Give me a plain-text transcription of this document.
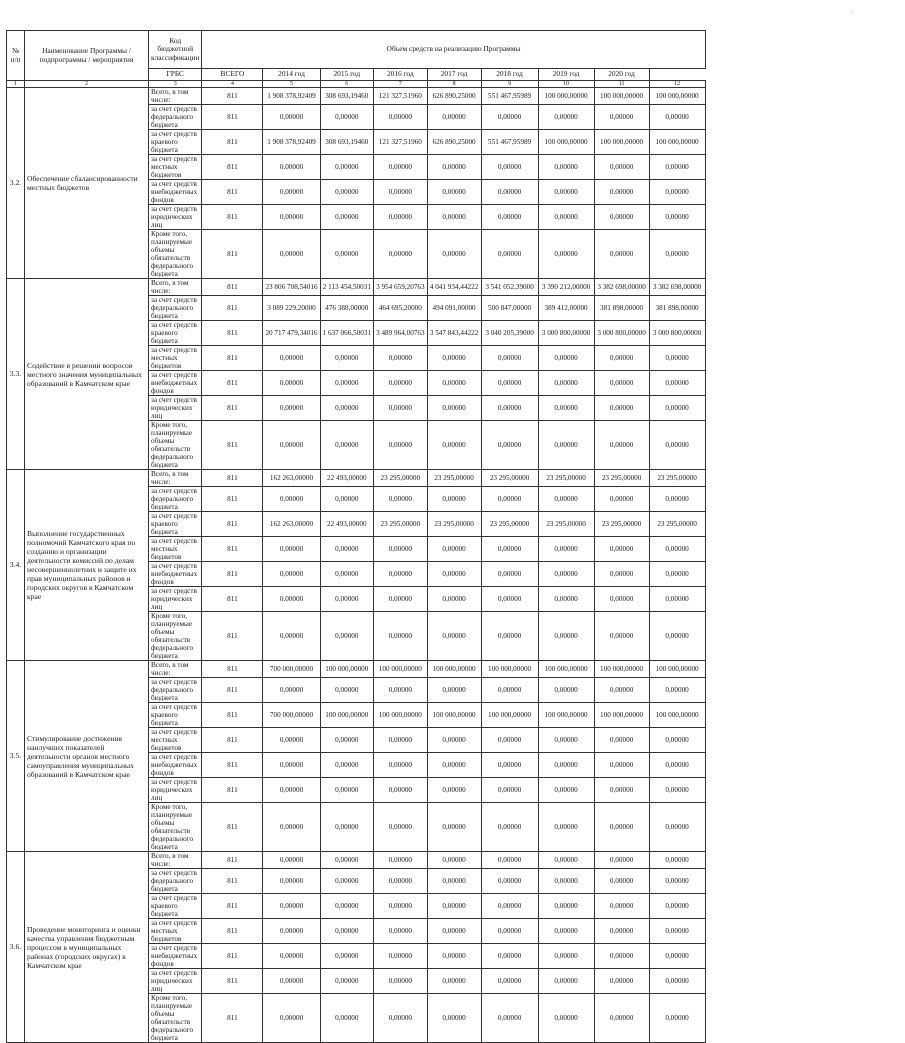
˙
№ п/п	Наименование Программы / подпрограммы / мероприятия	Код бюджетной классификации	Объем средств на реализацию Программы								
		ГРБС	ВСЕГО	2014 год	2015 год	2016 год	2017 год	2018 год	2019 год	2020 год	
1	2	3	4	5	6	7	8	9	10	11	12
3.2.	Обеспечение сбалансированности местных бюджетов	Всего, в том числе:	811	1 908 378,92409	308 693,19460	121 327,51960	626 890,25000	551 467,95989	100 000,00000	100 000,00000	100 000,00000
		за счет средств федерального бюджета	811	0,00000	0,00000	0,00000	0,00000	0,00000	0,00000	0,00000	0,00000
		за счет средств краевого бюджета	811	1 908 378,92409	308 693,19460	121 327,51960	626 890,25000	551 467,95989	100 000,00000	100 000,00000	100 000,00000
		за счет средств местных бюджетов	811	0,00000	0,00000	0,00000	0,00000	0,00000	0,00000	0,00000	0,00000
		за счет средств внебюджетных фондов	811	0,00000	0,00000	0,00000	0,00000	0,00000	0,00000	0,00000	0,00000
		за счет средств юридических лиц	811	0,00000	0,00000	0,00000	0,00000	0,00000	0,00000	0,00000	0,00000
		Кроме того, планируемые объемы обязательств федерального бюджета	811	0,00000	0,00000	0,00000	0,00000	0,00000	0,00000	0,00000	0,00000
3.3.	Содействие в решении вопросов местного значения муниципальных образований в Камчатском крае	Всего, в том числе:	811	23 806 708,54016	2 113 454,50031	3 954 659,20763	4 041 934,44222	3 541 052,39000	3 390 212,00000	3 382 698,00000	3 382 698,00000
		за счет средств федерального бюджета	811	3 089 229,20000	476 388,00000	464 695,20000	494 091,00000	500 847,00000	389 412,00000	381 898,00000	381 898,00000
		за счет средств краевого бюджета	811	20 717 479,34016	1 637 066,50031	3 489 964,00763	3 547 843,44222	3 040 205,39000	3 000 800,00000	3 000 800,00000	3 000 800,00000
		за счет средств местных бюджетов	811	0,00000	0,00000	0,00000	0,00000	0,00000	0,00000	0,00000	0,00000
		за счет средств внебюджетных фондов	811	0,00000	0,00000	0,00000	0,00000	0,00000	0,00000	0,00000	0,00000
		за счет средств юридических лиц	811	0,00000	0,00000	0,00000	0,00000	0,00000	0,00000	0,00000	0,00000
		Кроме того, планируемые объемы обязательств федерального бюджета	811	0,00000	0,00000	0,00000	0,00000	0,00000	0,00000	0,00000	0,00000
3.4.	Выполнение государственных полномочий Камчатского края по созданию и организации деятельности комиссий по делам несовершеннолетних и защите их прав муниципальных районов и городских округов в Камчатском крае	Всего, в том числе:	811	162 263,00000	22 493,00000	23 295,00000	23 295,00000	23 295,00000	23 295,00000	23 295,00000	23 295,00000
		за счет средств федерального бюджета	811	0,00000	0,00000	0,00000	0,00000	0,00000	0,00000	0,00000	0,00000
		за счет средств краевого бюджета	811	162 263,00000	22 493,00000	23 295,00000	23 295,00000	23 295,00000	23 295,00000	23 295,00000	23 295,00000
		за счет средств местных бюджетов	811	0,00000	0,00000	0,00000	0,00000	0,00000	0,00000	0,00000	0,00000
		за счет средств внебюджетных фондов	811	0,00000	0,00000	0,00000	0,00000	0,00000	0,00000	0,00000	0,00000
		за счет средств юридических лиц	811	0,00000	0,00000	0,00000	0,00000	0,00000	0,00000	0,00000	0,00000
		Кроме того, планируемые объемы обязательств федерального бюджета	811	0,00000	0,00000	0,00000	0,00000	0,00000	0,00000	0,00000	0,00000
3.5.	Стимулирование достижения наилучших показателей деятельности органов местного самоуправления муниципальных образований в Камчатском крае	Всего, в том числе:	811	700 000,00000	100 000,00000	100 000,00000	100 000,00000	100 000,00000	100 000,00000	100 000,00000	100 000,00000
		за счет средств федерального бюджета	811	0,00000	0,00000	0,00000	0,00000	0,00000	0,00000	0,00000	0,00000
		за счет средств краевого бюджета	811	700 000,00000	100 000,00000	100 000,00000	100 000,00000	100 000,00000	100 000,00000	100 000,00000	100 000,00000
		за счет средств местных бюджетов	811	0,00000	0,00000	0,00000	0,00000	0,00000	0,00000	0,00000	0,00000
		за счет средств внебюджетных фондов	811	0,00000	0,00000	0,00000	0,00000	0,00000	0,00000	0,00000	0,00000
		за счет средств юридических лиц	811	0,00000	0,00000	0,00000	0,00000	0,00000	0,00000	0,00000	0,00000
		Кроме того, планируемые объемы обязательств федерального бюджета	811	0,00000	0,00000	0,00000	0,00000	0,00000	0,00000	0,00000	0,00000
3.6.	Проведение мониторинга и оценки качества управления бюджетным процессом в муниципальных районах (городских округах) в Камчатском крае	Всего, в том числе:	811	0,00000	0,00000	0,00000	0,00000	0,00000	0,00000	0,00000	0,00000
		за счет средств федерального бюджета	811	0,00000	0,00000	0,00000	0,00000	0,00000	0,00000	0,00000	0,00000
		за счет средств краевого бюджета	811	0,00000	0,00000	0,00000	0,00000	0,00000	0,00000	0,00000	0,00000
		за счет средств местных бюджетов	811	0,00000	0,00000	0,00000	0,00000	0,00000	0,00000	0,00000	0,00000
		за счет средств внебюджетных фондов	811	0,00000	0,00000	0,00000	0,00000	0,00000	0,00000	0,00000	0,00000
		за счет средств юридических лиц	811	0,00000	0,00000	0,00000	0,00000	0,00000	0,00000	0,00000	0,00000
		Кроме того, планируемые объемы обязательств федерального бюджета	811	0,00000	0,00000	0,00000	0,00000	0,00000	0,00000	0,00000	0,00000
